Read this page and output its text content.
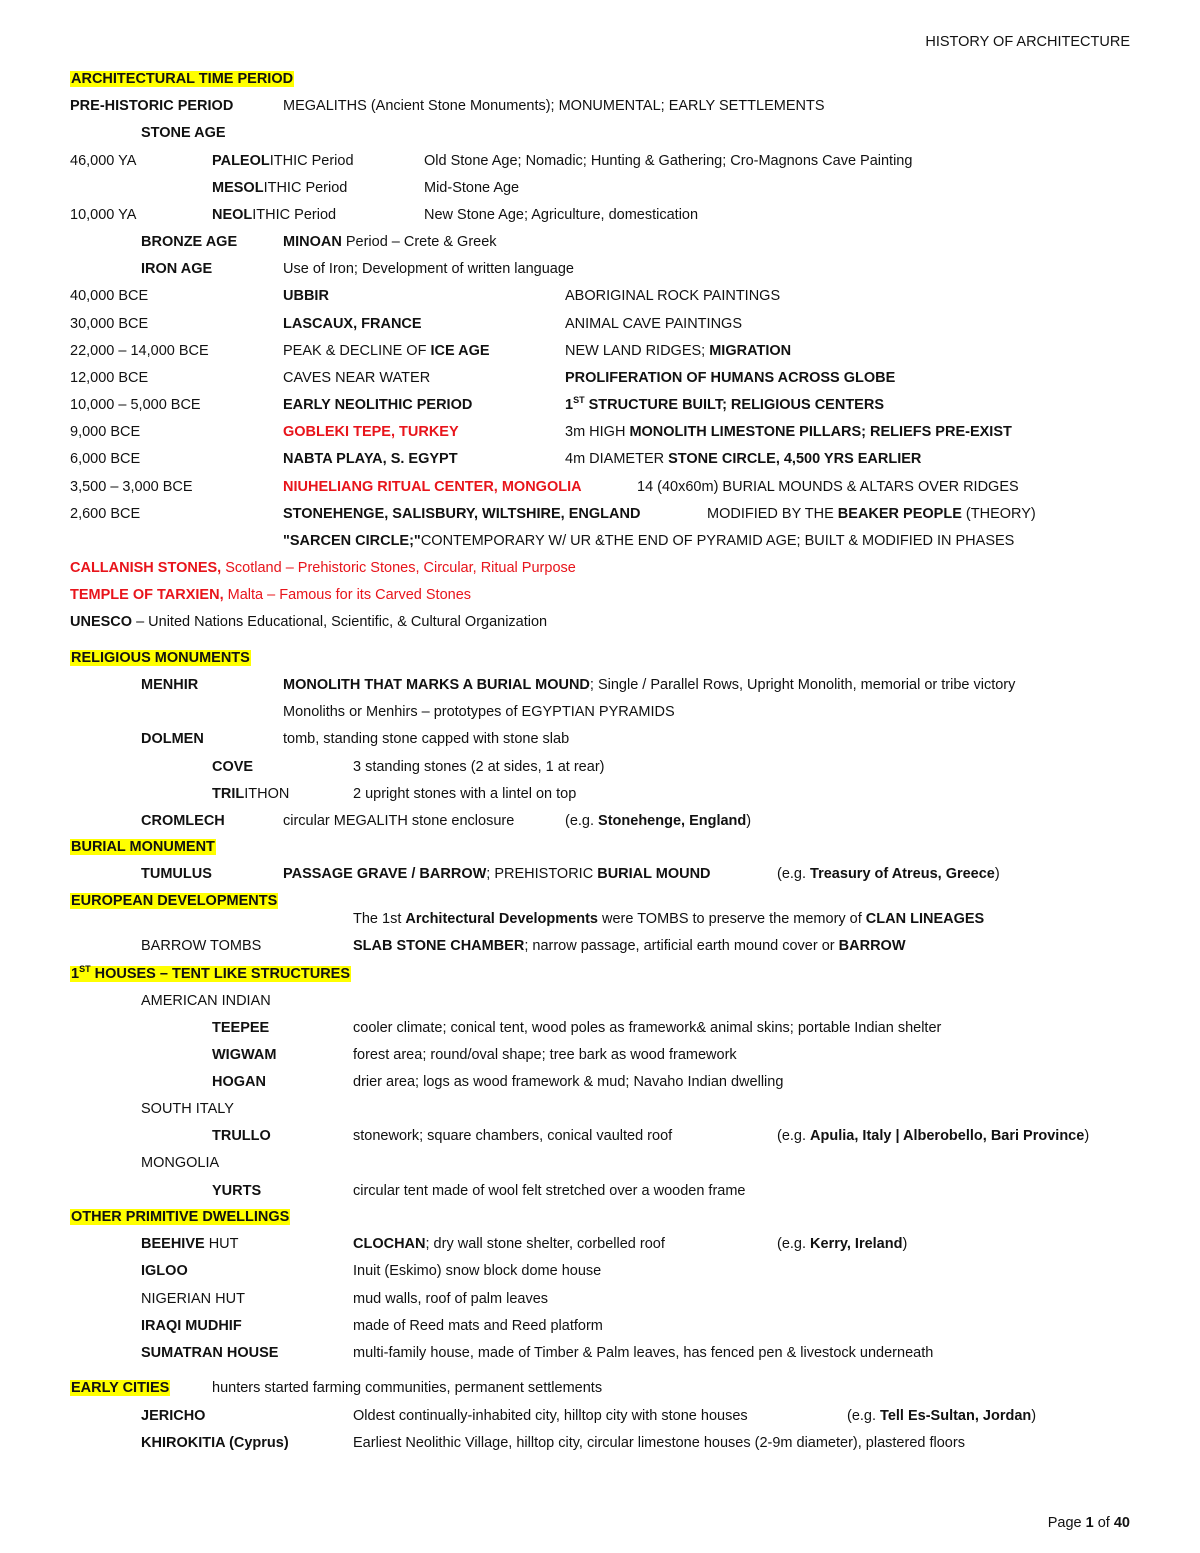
HISTORY OF ARCHITECTURE
ARCHITECTURAL TIME PERIOD
PRE-HISTORIC PERIOD	MEGALITHS (Ancient Stone Monuments); MONUMENTAL; EARLY SETTLEMENTS
STONE AGE
46,000 YA	PALEOLITHIC Period	Old Stone Age; Nomadic; Hunting & Gathering; Cro-Magnons Cave Painting
MESOLITHIC Period	Mid-Stone Age
10,000 YA	NEOLITHIC Period	New Stone Age; Agriculture, domestication
BRONZE AGE	MINOAN Period – Crete & Greek
IRON AGE	Use of Iron; Development of written language
40,000 BCE	UBBIR	ABORIGINAL ROCK PAINTINGS
30,000 BCE	LASCAUX, FRANCE	ANIMAL CAVE PAINTINGS
22,000 – 14,000 BCE	PEAK & DECLINE OF ICE AGE	NEW LAND RIDGES; MIGRATION
12,000 BCE	CAVES NEAR WATER	PROLIFERATION OF HUMANS ACROSS GLOBE
10,000 – 5,000 BCE	EARLY NEOLITHIC PERIOD	1ST STRUCTURE BUILT; RELIGIOUS CENTERS
9,000 BCE	GOBLEKI TEPE, TURKEY	3m HIGH MONOLITH LIMESTONE PILLARS; RELIEFS PRE-EXIST
6,000 BCE	NABTA PLAYA, S. EGYPT	4m DIAMETER STONE CIRCLE, 4,500 YRS EARLIER
3,500 – 3,000 BCE	NIUHELIANG RITUAL CENTER, MONGOLIA	14 (40x60m) BURIAL MOUNDS & ALTARS OVER RIDGES
2,600 BCE	STONEHENGE, SALISBURY, WILTSHIRE, ENGLAND	MODIFIED BY THE BEAKER PEOPLE (THEORY)
"SARCEN CIRCLE;"CONTEMPORARY W/ UR &THE END OF PYRAMID AGE; BUILT & MODIFIED IN PHASES
CALLANISH STONES, Scotland – Prehistoric Stones, Circular, Ritual Purpose
TEMPLE OF TARXIEN, Malta – Famous for its Carved Stones
UNESCO – United Nations Educational, Scientific, & Cultural Organization
RELIGIOUS MONUMENTS
MENHIR	MONOLITH THAT MARKS A BURIAL MOUND; Single / Parallel Rows, Upright Monolith, memorial or tribe victory
Monoliths or Menhirs – prototypes of EGYPTIAN PYRAMIDS
DOLMEN	tomb, standing stone capped with stone slab
COVE	3 standing stones (2 at sides, 1 at rear)
TRILITHON	2 upright stones with a lintel on top
CROMLECH	circular MEGALITH stone enclosure	(e.g. Stonehenge, England)
BURIAL MONUMENT
TUMULUS	PASSAGE GRAVE / BARROW; PREHISTORIC BURIAL MOUND	(e.g. Treasury of Atreus, Greece)
EUROPEAN DEVELOPMENTS
The 1st Architectural Developments were TOMBS to preserve the memory of CLAN LINEAGES
BARROW TOMBS	SLAB STONE CHAMBER; narrow passage, artificial earth mound cover or BARROW
1ST HOUSES – TENT LIKE STRUCTURES
AMERICAN INDIAN
TEEPEE	cooler climate; conical tent, wood poles as framework& animal skins; portable Indian shelter
WIGWAM	forest area; round/oval shape; tree bark as wood framework
HOGAN	drier area; logs as wood framework & mud; Navaho Indian dwelling
SOUTH ITALY
TRULLO	stonework; square chambers, conical vaulted roof	(e.g. Apulia, Italy | Alberobello, Bari Province)
MONGOLIA
YURTS	circular tent made of wool felt stretched over a wooden frame
OTHER PRIMITIVE DWELLINGS
BEEHIVE HUT	CLOCHAN; dry wall stone shelter, corbelled roof	(e.g. Kerry, Ireland)
IGLOO	Inuit (Eskimo) snow block dome house
NIGERIAN HUT	mud walls, roof of palm leaves
IRAQI MUDHIF	made of Reed mats and Reed platform
SUMATRAN HOUSE	multi-family house, made of Timber & Palm leaves, has fenced pen & livestock underneath
EARLY CITIES	hunters started farming communities, permanent settlements
JERICHO	Oldest continually-inhabited city, hilltop city with stone houses	(e.g. Tell Es-Sultan, Jordan)
KHIROKITIA (Cyprus)	Earliest Neolithic Village, hilltop city, circular limestone houses (2-9m diameter), plastered floors
Page 1 of 40
